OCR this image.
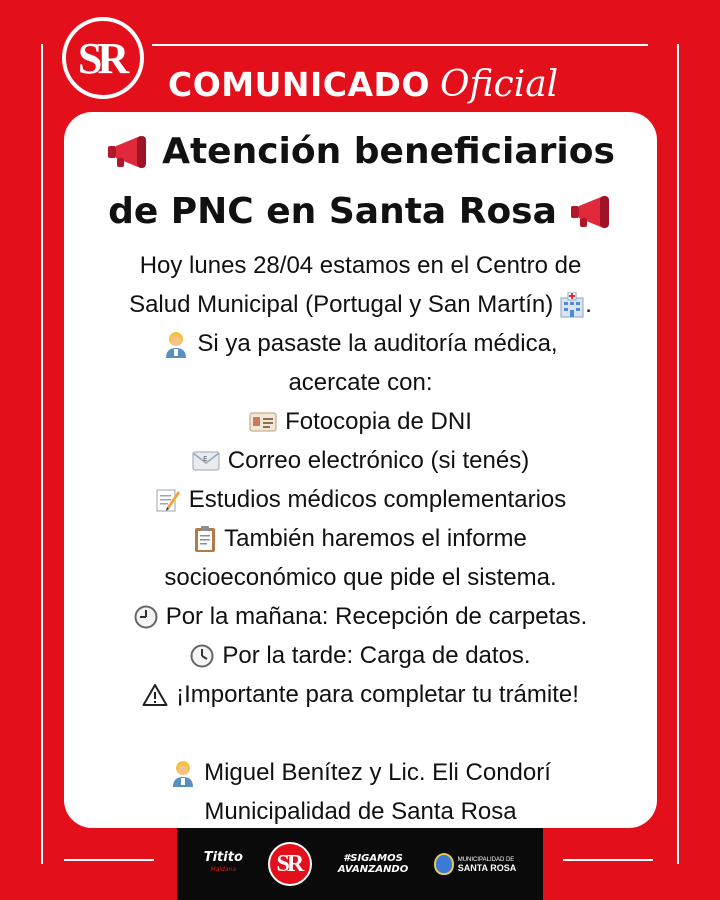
SR
COMUNICADO Oficial
Atención beneficiarios
de PNC en Santa Rosa
Hoy lunes 28/04 estamos en el Centro de
Salud Municipal (Portugal y San Martín) .
Si ya pasaste la auditoría médica,
acercate con:
Fotocopia de DNI
E Correo electrónico (si tenés)
Estudios médicos complementarios
También haremos el informe
socioeconómico que pide el sistema.
Por la mañana: Recepción de carpetas.
Por la tarde: Carga de datos.
¡Importante para completar tu trámite!
Miguel Benítez y Lic. Eli Condorí
Municipalidad de Santa Rosa
Titito
Maidana SR	#SIGAMOS
AVANZANDO
MUNICIPALIDAD DE
SANTA ROSA
